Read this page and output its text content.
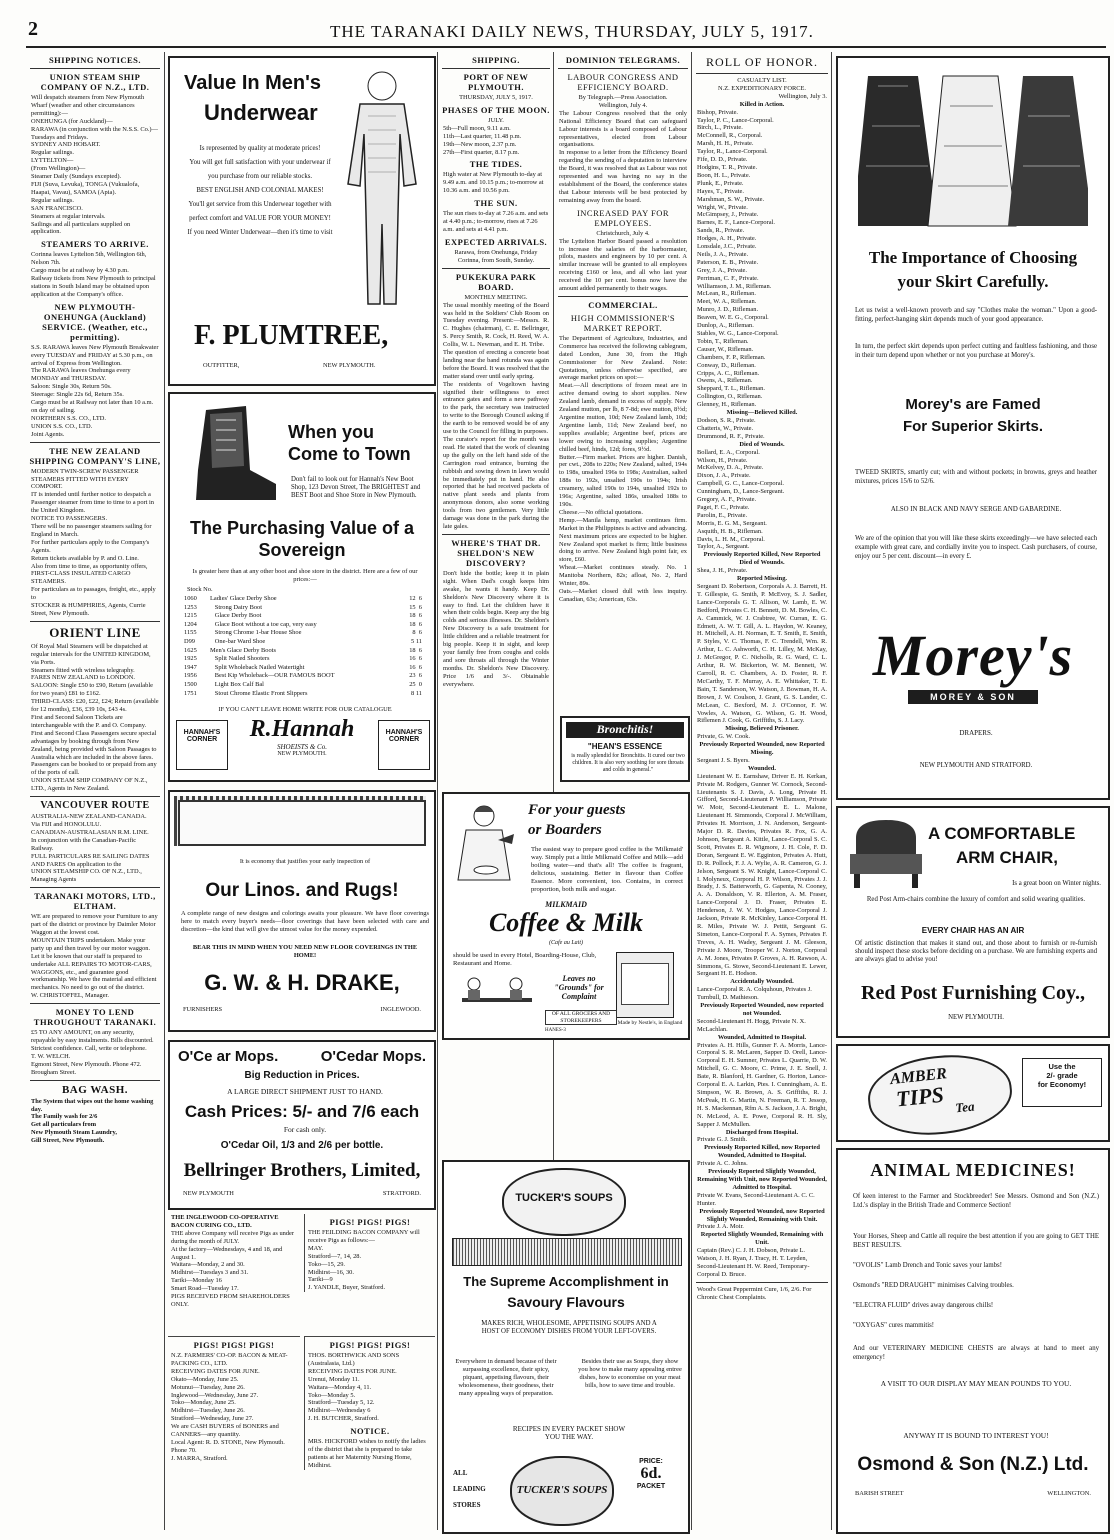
2	THE TARANAKI DAILY NEWS, THURSDAY, JULY 5, 1917.
SHIPPING NOTICES.
UNION STEAM SHIP COMPANY OF N.Z., LTD.
Will despatch steamers from New Plymouth Wharf (weather and other circumstances permitting):—
ONEHUNGA (for Auckland)—
RARAWA (in conjunction with the N.S.S. Co.)—Tuesdays and Fridays.
SYDNEY AND HOBART.
Regular sailings.
LYTTELTON—
(From Wellington)—
Steamer Daily (Sundays excepted).
FIJI (Suva, Levuka), TONGA (Vukualofa, Haapai, Vavau), SAMOA (Apia).
Regular sailings.
SAN FRANCISCO.
Steamers at regular intervals.
Sailings and all particulars supplied on application.
STEAMERS TO ARRIVE.
Corinna leaves Lyttelton 5th, Wellington 6th, Nelson 7th.
Cargo must be at railway by 4.30 p.m.
Railway tickets from New Plymouth to principal stations in South Island may be obtained upon application at the Company's office.
NEW PLYMOUTH-ONEHUNGA (Auckland) SERVICE. (Weather, etc., permitting).
S.S. RARAWA leaves New Plymouth Breakwater every TUESDAY and FRIDAY at 5.30 p.m., on arrival of Express from Wellington.
The RARAWA leaves Onehunga every MONDAY and THURSDAY.
Saloon: Single 30s, Return 50s.
Steerage: Single 22s 6d, Return 35s.
Cargo must be at Railway not later than 10 a.m. on day of sailing.
NORTHERN S.S. CO., LTD.
UNION S.S. CO., LTD.
Joint Agents.
THE NEW ZEALAND SHIPPING COMPANY'S LINE,
MODERN TWIN-SCREW PASSENGER STEAMERS FITTED WITH EVERY COMPORT.
IT is intended until further notice to despatch a Passenger steamer from time to time to a port in the United Kingdom.
NOTICE TO PASSENGERS.
There will be no passenger steamers sailing for England in March.
For further particulars apply to the Company's Agents.
Return tickets available by P. and O. Line.
Also from time to time, as opportunity offers, FIRST-CLASS INSULATED CARGO STEAMERS.
For particulars as to passages, freight, etc., apply to
STOCKER & HUMPHRIES, Agents, Currie Street, New Plymouth.
ORIENT LINE
Of Royal Mail Steamers will be dispatched at regular intervals for the UNITED KINGDOM, via Ports.
Steamers fitted with wireless telegraphy.
FARES NEW ZEALAND to LONDON. SALOON: Single £50 to £90, Return (available for two years) £81 to £162.
THIRD-CLASS: £20, £22, £24; Return (available for 12 months), £36, £39 10s, £43 4s.
First and Second Saloon Tickets are interchangeable with the P. and O. Company.
First and Second Class Passengers secure special advantages by booking through from New Zealand, being provided with Saloon Passages to Australia which are included in the above fares. Passengers can be booked to or prepaid from any of the ports of call.
UNION STEAM SHIP COMPANY OF N.Z., LTD., Agents in New Zealand.
VANCOUVER ROUTE
AUSTRALIA-NEW ZEALAND-CANADA.
Via FIJI and HONOLULU.
CANADIAN-AUSTRALASIAN R.M. LINE.
In conjunction with the Canadian-Pacific Railway.
FULL PARTICULARS RE SAILING DATES AND FARES On application to the
UNION STEAMSHIP CO. OF N.Z., LTD., Managing Agents
TARANAKI MOTORS, LTD., ELTHAM.
WE are prepared to remove your Furniture to any part of the district or province by Daimler Motor Waggon at the lowest cost.
MOUNTAIN TRIPS undertaken. Make your party up and then travel by our motor waggon.
Let it be known that our staff is prepared to undertake ALL REPAIRS TO MOTOR-CARS, WAGGONS, etc., and guarantee good workmanship. We have the material and efficient mechanics. No need to go out of the district.
W. CHRISTOFFEL, Manager.
MONEY TO LEND THROUGHOUT TARANAKI.
£5 TO ANY AMOUNT, on any security, repayable by easy instalments. Bills discounted. Strictest confidence. Call, write or telephone.
T. W. WELCH.
Egmont Street, New Plymouth. Phone 472.
Brougham Street.
BAG WASH.
The System that wipes out the home washing day.
The Family wash for 2/6
Get all particulars from
New Plymouth Steam Laundry,
Gill Street, New Plymouth.
Value In Men's
Underwear
Is represented by quality at moderate prices!
You will get full satisfaction with your underwear if you purchase from our reliable stocks.
BEST ENGLISH AND COLONIAL MAKES!
You'll get service from this Underwear together with perfect comfort and VALUE FOR YOUR MONEY!
If you need Winter Underwear—then it's time to visit
F. PLUMTREE,
OUTFITTER,	NEW PLYMOUTH.
When you
Come to Town
Don't fail to look out for Hannah's New Boot Shop, 123 Devon Street, The BRIGHTEST and BEST Boot and Shoe Store in New Plymouth.
The Purchasing Value of a
Sovereign
Is greater here than at any other boot and shoe store in the district. Here are a few of our prices:—
Stock No.
1060	Ladies' Glace Derby Shoe	12  6
1253	Strong Dairy Boot	15  6
1215	Glace Derby Boot	18  6
1204	Glace Boot without a toe cap, very easy	18  6
1155	Strong Chrome 1-bar House Shoe	8  6
D99	One-bar Ward Shoe	5 11
1625	Men's Glace Derby Boots	18  6
1925	Split Nailed Shooters	16  6
1947	Split Wholeback Nailed Watertight	16  6
1956	Best Kip Wholeback—OUR FAMOUS BOOT	23  6
1500	Light Box Calf Bal	25  0
1751	Stout Chrome Elastic Front Slippers	8 11
IF YOU CAN'T LEAVE HOME WRITE FOR OUR CATALOGUE
HANNAH'S
CORNER	R.Hannah
SHOEISTS & Co.
NEW PLYMOUTH.
HANNAH'S
CORNER
It is economy that justifies your early inspection of
Our Linos. and Rugs!
A complete range of new designs and colorings awaits your pleasure. We have floor coverings here to match every buyer's needs—floor coverings that have been selected with care and discretion—the kind that will give the utmost value for the money expended.
BEAR THIS IN MIND WHEN YOU NEED NEW FLOOR COVERINGS IN THE HOME!
G. W. & H. DRAKE,
FURNISHERS	INGLEWOOD.
O'Ce ar Mops.	O'Cedar Mops.
Big Reduction in Prices.
A LARGE DIRECT SHIPMENT JUST TO HAND.
Cash Prices: 5/- and 7/6 each
For cash only.
O'Cedar Oil, 1/3 and 2/6 per bottle.
Bellringer Brothers, Limited,
NEW PLYMOUTH	STRATFORD.
THE INGLEWOOD CO-OPERATIVE BACON CURING CO., LTD.
THE above Company will receive Pigs as under during the month of JULY.
At the factory—Wednesdays, 4 and 18, and August 1.
Waitara—Monday, 2 and 30.
Midhirst—Tuesdays 3 and 31.
Tariki—Monday 16
Smart Road—Tuesday 17.
PIGS RECEIVED FROM SHAREHOLDERS ONLY.
PIGS! PIGS! PIGS!
THE FEILDING BACON COMPANY will receive Pigs as follows:—
MAY.
Stratford—7, 14, 28.
Toko—15, 29.
Midhirst—16, 30.
Tariki—9
J. YANDLE, Buyer, Stratford.
PIGS! PIGS! PIGS!
N.Z. FARMERS' CO-OP. BACON & MEAT-PACKING CO., LTD.
RECEIVING DATES FOR JUNE.
Okato—Monday, June 25.
Motunui—Tuesday, June 26.
Inglewood—Wednesday, June 27.
Toko—Monday, June 25.
Midhirst—Tuesday, June 26.
Stratford—Wednesday, June 27.
We are CASH BUYERS of BONERS and CANNERS—any quantity.
Local Agent: R. D. STONE, New Plymouth. Phone 70.
J. MARRA, Stratford.
PIGS! PIGS! PIGS!
THOS. BORTHWICK AND SONS (Australasia, Ltd.)
RECEIVING DATES FOR JUNE.
Urenui, Monday 11.
Waitara—Monday 4, 11.
Toko—Monday 5.
Stratford—Tuesday 5, 12.
Midhirst—Wednesday 6
J. H. BUTCHER, Stratford.
NOTICE.
MRS. HICKFORD wishes to notify the ladies of the district that she is prepared to take patients at her Maternity Nursing Home, Midhirst.
SHIPPING.
PORT OF NEW PLYMOUTH.
THURSDAY, JULY 5, 1917.
PHASES OF THE MOON.
JULY.
5th—Full moon, 9.11 a.m.
11th—Last quarter, 11.48 p.m.
19th—New moon, 2.37 p.m.
27th—First quarter, 8.17 p.m.
THE TIDES.
High water at New Plymouth to-day at 9.49 a.m. and 10.15 p.m.; to-morrow at 10.36 a.m. and 10.56 p.m.
THE SUN.
The sun rises to-day at 7.26 a.m. and sets at 4.40 p.m.; to-morrow, rises at 7.26 a.m. and sets at 4.41 p.m.
EXPECTED ARRIVALS.
Rarawa, from Onehunga, Friday
Corinna, from South, Sunday.
PUKEKURA PARK BOARD.
MONTHLY MEETING.
The usual monthly meeting of the Board was held in the Soldiers' Club Room on Tuesday evening. Present:—Messrs. R. C. Hughes (chairman), C. E. Bellringer, S. Percy Smith, R. Cock, H. Reed, W. A. Collis, W. L. Newman, and E. H. Tribe.
The question of erecting a concrete boat landing near the band rotunda was again before the Board. It was resolved that the matter stand over until early spring.
The residents of Vogeltown having signified their willingness to erect entrance gates and form a new pathway to the park, the secretary was instructed to write to the Borough Council asking if the earth to be removed would be of any use to the Council for filling in purposes.
The curator's report for the month was read. He stated that the work of cleaning up the gully on the left hand side of the Carrington road entrance, burning the rubbish and sowing down in lawn would be immediately put in hand. He also reported that he had received packets of native plant seeds and plants from anonymous donors, also some working tools from two gentlemen. Very little damage was done in the park during the late gales.
WHERE'S THAT DR. SHELDON'S NEW DISCOVERY?
Don't hide the bottle; keep it in plain sight. When Dad's cough keeps him awake, he wants it handy. Keep Dr. Sheldon's New Discovery where it is easy to find. Let the children have it when their colds begin. Keep any the big colds and serious illnesses. Dr. Sheldon's New Discovery is a safe treatment for little children and a reliable treatment for big people. Keep it in sight, and keep your family free from coughs and colds and sore throats all through the Winter months. Dr. Sheldon's New Discovery. Price 1/6 and 3/-. Obtainable everywhere.
DOMINION TELEGRAMS.
LABOUR CONGRESS AND EFFICIENCY BOARD.
By Telegraph.—Press Association.
Wellington, July 4.
The Labour Congress resolved that the only National Efficiency Board that can safeguard Labour interests is a board composed of Labour representatives, elected from Labour organisations.
In response to a letter from the Efficiency Board regarding the sending of a deputation to interview the Board, it was resolved that as Labour was not represented and was having no say in the establishment of the Board, the conference states that Labour interests will be best protected by remaining away from the board.
INCREASED PAY FOR EMPLOYEES.
Christchurch, July 4.
The Lyttelton Harbor Board passed a resolution to increase the salaries of the harbormaster, pilots, masters and engineers by 10 per cent. A similar increase will be granted to all employees receiving £160 or less, and all who last year received the 10 per cent. bonus now have the amount added permanently to their wages.
COMMERCIAL.
HIGH COMMISSIONER'S MARKET REPORT.
The Department of Agriculture, Industries, and Commerce has received the following cablegram, dated London, June 30, from the High Commissioner for New Zealand. Note: Quotations, unless otherwise specified, are average market prices on spot:—
Meat.—All descriptions of frozen meat are in active demand owing to short supplies. New Zealand lamb, demand in excess of supply. New Zealand mutton, per lb, 8 7-8d; ewe mutton, 8½d; Argentine mutton, 10d; New Zealand lamb, 10d; Argentine lamb, 11d; New Zealand beef, no supplies available; Argentine beef, prices are lower owing to increasing supplies; Argentine chilled beef, hinds, 12d; fores, 9½d.
Butter.—Firm market. Prices are higher. Danish, per cwt., 208s to 220s; New Zealand, salted, 194s to 198s, unsalted 196s to 198s; Australian, salted 188s to 192s, unsalted 190s to 194s; Irish creamery, salted 190s to 194s, unsalted 192s to 196s; Argentine, salted 186s, unsalted 188s to 190s.
Cheese.—No official quotations.
Hemp.—Manila hemp, market continues firm. Market in the Philippines is active and advancing. Next maximum prices are expected to be higher. New Zealand spot market is firm; little business doing to arrive. New Zealand high point fair, ex store, £60.
Wheat.—Market continues steady. No. 1 Manitoba Northern, 82s; afloat, No. 2, Hard Winter, 89s.
Oats.—Market closed dull with less inquiry. Canadian, 63s; American, 63s.
Bronchitis!
"HEAN'S ESSENCE
is really splendid for Bronchitis. It cured our two children. It is also very soothing for sore throats and colds in general."
For your guests
or Boarders
The easiest way to prepare good coffee is the 'Milkmaid' way. Simply put a little Milkmaid Coffee and Milk—add boiling water—and that's all! The coffee is fragrant, delicious, sustaining. Better in flavour than Coffee Essence. More convenient, too. Contains, in correct proportion, both milk and sugar.
MILKMAID
Coffee & Milk
(Cafe au Lait)
should be used in every Hotel, Boarding-House, Club, Restaurant and Home.
Leaves no
"Grounds" for
Complaint
OF ALL GROCERS AND STOREKEEPERS	Made by Nestle's, in England
HANES-3
TUCKER'S SOUPS
The Supreme Accomplishment in
Savoury Flavours
MAKES RICH, WHOLESOME, APPETISING SOUPS AND A HOST OF ECONOMY DISHES FROM YOUR LEFT-OVERS.
Everywhere in demand because of their surpassing excellence, their spicy, piquant, appetising flavours, their wholesomeness, their goodness, their many appealing ways of preparation.
Besides their use as Soups, they show you how to make many appealing entree dishes, how to economise on your meat bills, how to save time and trouble.
RECIPES IN EVERY PACKET SHOW YOU THE WAY.

ALL

LEADING

STORES

TUCKER'S SOUPS
PRICE:
6d.
PACKET
ROLL OF HONOR.
CASUALTY LIST.
N.Z. EXPEDITIONARY FORCE.
Wellington, July 3.
Killed in Action.
Bishop, Private.
Taylor, P. C., Lance-Corporal.
Birch, L., Private.
McConnell, R., Corporal.
Marsh, H. H., Private.
Taylor, R., Lance-Corporal.
Fife, D. D., Private.
Hodgins, T. R., Private.
Boon, H. L., Private.
Plunk, E., Private.
Hayes, T., Private.
Marshman, S. W., Private.
Wright, W., Private.
McGimpsey, J., Private.
Barnes, E. F., Lance-Corporal.
Sands, R., Private.
Hodges, A. H., Private.
Lonsdale, J.C., Private.
Neils, J. A., Private.
Paterson, E. B., Private.
Grey, J. A., Private.
Perriman, C. F., Private.
Williamson, J. M., Rifleman.
McLean, R., Rifleman.
Meet, W. A., Rifleman.
Munro, J. D., Rifleman.
Beaven, W. E. G., Corporal.
Dunlop, A., Rifleman.
Stables, W. G., Lance-Corporal.
Tobin, T., Rifleman.
Causer, W., Rifleman.
Chambers, F. P., Rifleman.
Conway, D., Rifleman.
Cripps, A. C., Rifleman.
Owens, A., Rifleman.
Sheppard, T. L., Rifleman.
Collington, O., Rifleman.
Glenney, H., Rifleman.
Missing—Believed Killed.
Dodson, S. R., Private.
Chatteris, W., Private.
Drummond, R. F., Private.
Died of Wounds.
Bollard, E. A., Corporal.
Wilson, H., Private.
McKelvey, D. A., Private.
Dixon, J. A., Private.
Campbell, G. C., Lance-Corporal.
Cunningham, D., Lance-Sergeant.
Gregory, A. F., Private.
Paget, F. C., Private.
Parolin, E., Private.
Morris, E. G. M., Sergeant.
Asquith, H. B., Rifleman.
Davis, L. H. M., Corporal.
Taylor, A., Sergeant.
Previously Reported Killed, Now Reported Died of Wounds.
Shea, J. H., Private.
Reported Missing.
Sergeant D. Robertson, Corporals A. J. Barrett, H. T. Gillespie, G. Smith, P. McEvoy, S. J. Sadler, Lance-Corporals G. T. Allison, W. Lamb, E. W. Bedford, Privates C. H. Bennett, D. M. Bowles, C. A. Cammick, W. J. Crabtree, W. Curran, E. G. Edmett, A. W. T. Gill, A. L. Haydon, W. Keaney, H. Mitchell, A. H. Norman, E. T. Smith, E. Smith, P. Styles, V. C. Thomas, F. C. Trendell, Wm. R. Arthur, L. C. Ashworth, C. H. Lilley, M. McKay, J. McGregor, P. C. Nicholls, R. G. Ward, C. L. Arthur, R. W. Bickerton, W. M. Bennett, W. Carroll, R. C. Chambers, A. D. Foster, R. F. McCarthy, T. F. Murray, A. E. Whittaker, T. E. Bain, T. Sanderson, W. Watson, J. Bowman, H. A. Brown, J. W. Coulson, J. Grant, G. S. Lander, C. McLean, C. Bexford, M. J. O'Connor, F. W. Vowles, A. Watson, G. Wilson, G. H. Wood, Riflemen J. Cook, G. Griffiths, S. J. Lacy.
Missing, Believed Prisoner.
Private, G. W. Cook.
Previously Reported Wounded, now Reported Missing.
Sergeant J. S. Byers.
Wounded.
Lieutenant W. E. Earnshaw, Driver E. H. Kerkan, Private M. Rodgers, Gunner W. Cornock, Second-Lieutenants S. J. Davis, A. Long, Private H. Gifford, Second-Lieutenant P. Williamson, Private W. Moir, Second-Lieutenant E. L. Malone, Lieutenant H. Simmonds, Corporal J. McWilliam, Privates H. Morrison, J. N. Anderson, Sergeant-Major D. R. Davies, Privates R. Fox, G. A. Johnson, Sergeant A. Kittle, Lance-Corporal S. C. Scott, Privates E. R. Wigmore, J. H. Cole, F. D. Doran, Sergeant E. W. Egginton, Privates A. Hutt, D. R. Pollock, F. J. A. Wylie, A. R. Cameron, G. J. Jelson, Sergeant S. W. Knight, Lance-Corporal C. I. Molyneux, Corporal H. P. Wilson, Privates J. J. Brady, J. S. Batterworth, G. Gapenta, N. Cooney, A. A. Donaldson, V. R. Ellerton, A. M. Fraser, Lance-Corporal J. D. Fraser, Privates E. Henderson, J. W. V. Hodges, Lance-Corporal J. Jackson, Private R. McKinley, Lance-Corporal H. R. Miles, Private W. J. Pettit, Sergeant G. Simeton, Lance-Corporal F. A. Symes, Privates F. Treves, A. H. Wadey, Sergeant J. M. Gleeson, Private J. Moore, Trooper W. J. Norton, Corporal A. M. Jones, Privates P. Groves, A. H. Rawson, A. Simmons, G. Stowe, Second-Lieutenant E. Lewer, Sergeant H. E. Hodson.
Accidentally Wounded.
Lance-Corporal R. A. Colquhoun, Privates J. Turnbull, D. Mathieson.
Previously Reported Wounded, now reported not Wounded.
Second-Lieutenant H. Hogg, Private N. X. McLachlan.
Wounded, Admitted to Hospital.
Privates A. H. Hills, Gunner F. A. Morris, Lance-Corporal S. R. McLaren, Sapper D. Orell, Lance-Corporal E. H. Sumner, Privates L. Quarrie, D. W. Mitchell, G. C. Moore, C. Prime, J. E. Snell, J. Bate, R. Blanford, H. Gardner, G. Horton, Lance-Corporal E. A. Larkin, Ptes. I. Cunningham, A. E. Simpson, W. R. Brown, A. S. Griffiths, R. J. McPeak, H. G. Martin, N. Freeman, R. T. Jessop, H. S. Mackennan, Rfm A. S. Jackson, J. A. Bright, N. McLeod, A. E. Powe, Corporal R. H. Sly, Sapper J. McMullen.
Discharged from Hospital.
Private G. J. Smith.
Previously Reported Killed, now Reported Wounded, Admitted to Hospital.
Private A. C. Johns.
Previously Reported Slightly Wounded, Remaining With Unit, now Reported Wounded, Admitted to Hospital.
Private W. Evans, Second-Lieutenant A. C. C. Hunter.
Previously Reported Wounded, now Reported Slightly Wounded, Remaining with Unit.
Private J. A. Moir.
Reported Slightly Wounded, Remaining with Unit.
Captain (Rev.) C. J. H. Dobson, Private L. Watson, J. H. Ryan, J. Tracy, H. T. Leyden, Second-Lieutenant H. W. Reed, Temporary-Corporal D. Bruce.
Wood's Great Peppermint Cure, 1/6, 2/6. For Chronic Chest Complaints.
The Importance of Choosing
your Skirt Carefully.
Let us twist a well-known proverb and say "Clothes make the woman." Upon a good-fitting, perfect-hanging skirt depends much of your good appearance.
In turn, the perfect skirt depends upon perfect cutting and faultless fashioning, and those in their turn depend upon whether or not you purchase at Morey's.
Morey's are Famed
For Superior Skirts.
TWEED SKIRTS, smartly cut; with and without pockets; in browns, greys and heather mixtures, prices 15/6 to 52/6.
ALSO IN BLACK AND NAVY SERGE AND GABARDINE.
We are of the opinion that you will like these skirts exceedingly—we have selected each example with great care, and cordially invite you to inspect. Cash purchasers, of course, enjoy our 5 per cent. discount—in every £.
Morey's
MOREY & SON
DRAPERS.
NEW PLYMOUTH AND STRATFORD.
A COMFORTABLE
ARM CHAIR,
Is a great boon on Winter nights.
Red Post Arm-chairs combine the luxury of comfort and solid wearing qualities.
EVERY CHAIR HAS AN AIR
Of artistic distinction that makes it stand out, and those about to furnish or re-furnish should inspect these stocks before deciding on a purchase. We are furnishing experts and are always glad to advise you!
Red Post Furnishing Coy.,
NEW PLYMOUTH.
AMBER
TIPS Tea
Use the
2/- grade
for Economy!
ANIMAL MEDICINES!
Of keen interest to the Farmer and Stockbreeder! See Messrs. Osmond and Son (N.Z.) Ltd.'s display in the British Trade and Commerce Section!
Your Horses, Sheep and Cattle all require the best attention if you are going to GET THE BEST RESULTS.
"OVOLIS" Lamb Drench and Tonic saves your lambs!
Osmond's "RED DRAUGHT" minimises Calving troubles.
"ELECTRA FLUID" drives away dangerous chills!
"OXYGAS" cures mammitis!
And our VETERINARY MEDICINE CHESTS are always at hand to meet any emergency!
A VISIT TO OUR DISPLAY MAY MEAN POUNDS TO YOU.
ANYWAY IT IS BOUND TO INTEREST YOU!
Osmond & Son (N.Z.) Ltd.
BARISH STREET	WELLINGTON.
